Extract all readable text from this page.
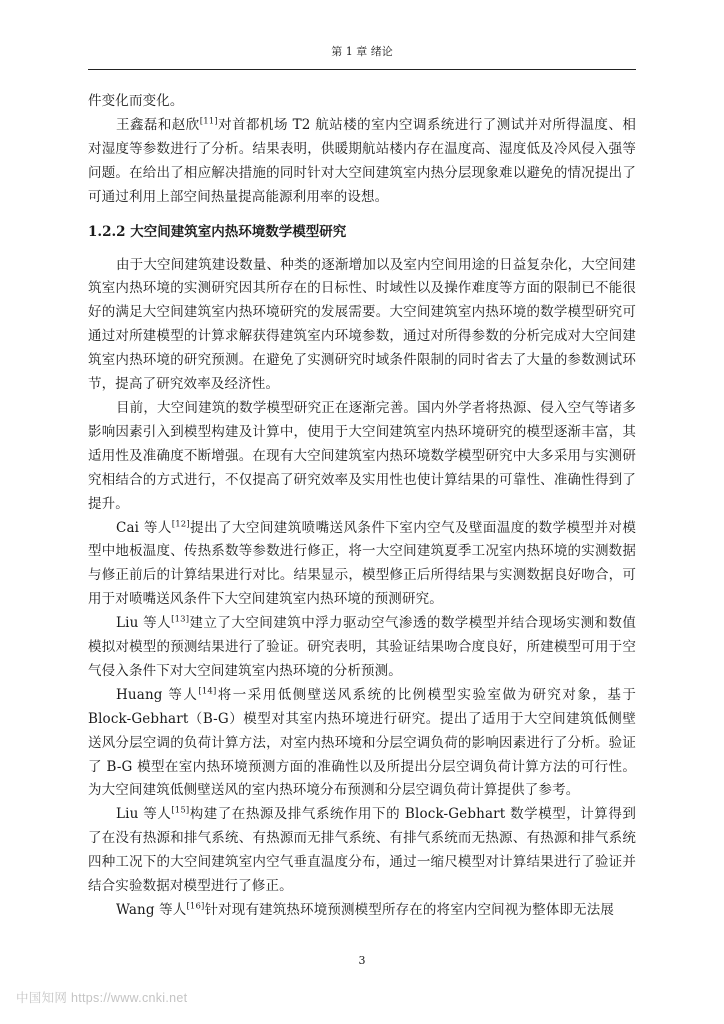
第 1 章 绪论

件变化而变化。

王鑫磊和赵欣[11]对首都机场 T2 航站楼的室内空调系统进行了测试并对所得温度、相对湿度等参数进行了分析。结果表明，供暖期航站楼内存在温度高、湿度低及冷风侵入强等问题。在给出了相应解决措施的同时针对大空间建筑室内热分层现象难以避免的情况提出了可通过利用上部空间热量提高能源利用率的设想。

1.2.2 大空间建筑室内热环境数学模型研究

由于大空间建筑建设数量、种类的逐渐增加以及室内空间用途的日益复杂化，大空间建筑室内热环境的实测研究因其所存在的日标性、时域性以及操作难度等方面的限制已不能很好的满足大空间建筑室内热环境研究的发展需要。大空间建筑室内热环境的数学模型研究可通过对所建模型的计算求解获得建筑室内环境参数，通过对所得参数的分析完成对大空间建筑室内热环境的研究预测。在避免了实测研究时域条件限制的同时省去了大量的参数测试环节，提高了研究效率及经济性。

目前，大空间建筑的数学模型研究正在逐渐完善。国内外学者将热源、侵入空气等诸多影响因素引入到模型构建及计算中，使用于大空间建筑室内热环境研究的模型逐渐丰富，其适用性及准确度不断增强。在现有大空间建筑室内热环境数学模型研究中大多采用与实测研究相结合的方式进行，不仅提高了研究效率及实用性也使计算结果的可靠性、准确性得到了提升。

Cai 等人[12]提出了大空间建筑喷嘴送风条件下室内空气及壁面温度的数学模型并对模型中地板温度、传热系数等参数进行修正，将一大空间建筑夏季工况室内热环境的实测数据与修正前后的计算结果进行对比。结果显示，模型修正后所得结果与实测数据良好吻合，可用于对喷嘴送风条件下大空间建筑室内热环境的预测研究。

Liu 等人[13]建立了大空间建筑中浮力驱动空气渗透的数学模型并结合现场实测和数值模拟对模型的预测结果进行了验证。研究表明，其验证结果吻合度良好，所建模型可用于空气侵入条件下对大空间建筑室内热环境的分析预测。

Huang 等人[14]将一采用低侧壁送风系统的比例模型实验室做为研究对象，基于 Block-Gebhart（B-G）模型对其室内热环境进行研究。提出了适用于大空间建筑低侧壁送风分层空调的负荷计算方法，对室内热环境和分层空调负荷的影响因素进行了分析。验证了 B-G 模型在室内热环境预测方面的准确性以及所提出分层空调负荷计算方法的可行性。为大空间建筑低侧壁送风的室内热环境分布预测和分层空调负荷计算提供了参考。

Liu 等人[15]构建了在热源及排气系统作用下的 Block-Gebhart 数学模型，计算得到了在没有热源和排气系统、有热源而无排气系统、有排气系统而无热源、有热源和排气系统四种工况下的大空间建筑室内空气垂直温度分布，通过一缩尺模型对计算结果进行了验证并结合实验数据对模型进行了修正。

Wang 等人[16]针对现有建筑热环境预测模型所存在的将室内空间视为整体即无法展

3
中国知网 https://www.cnki.net
